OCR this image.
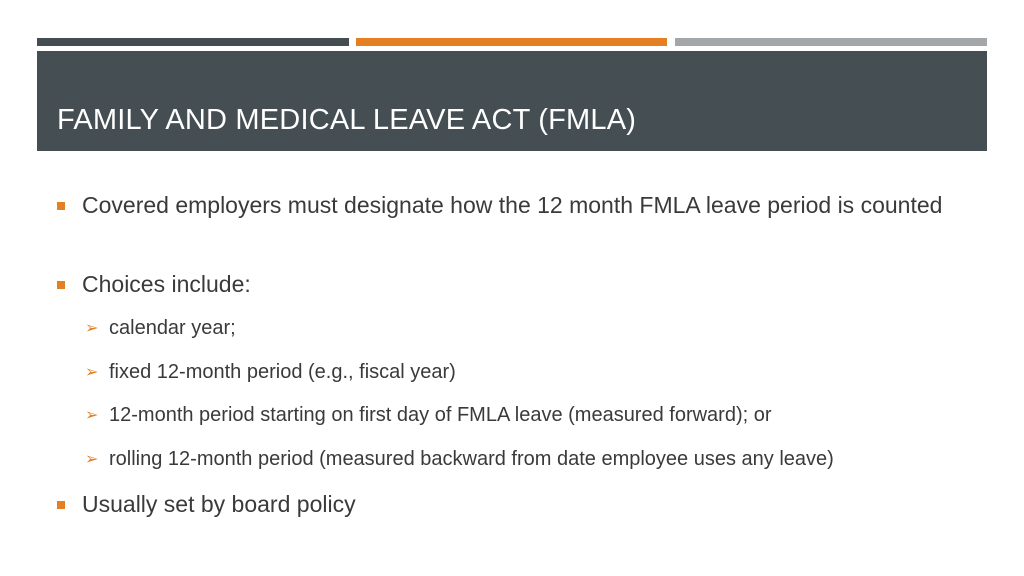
FAMILY AND MEDICAL LEAVE ACT (FMLA)
Covered employers must designate how the 12 month FMLA leave period is counted
Choices include:
➢ calendar year;
➢ fixed 12-month period (e.g., fiscal year)
➢ 12-month period starting on first day of FMLA leave (measured forward); or
➢ rolling 12-month period (measured backward from date employee uses any leave)
Usually set by board policy
